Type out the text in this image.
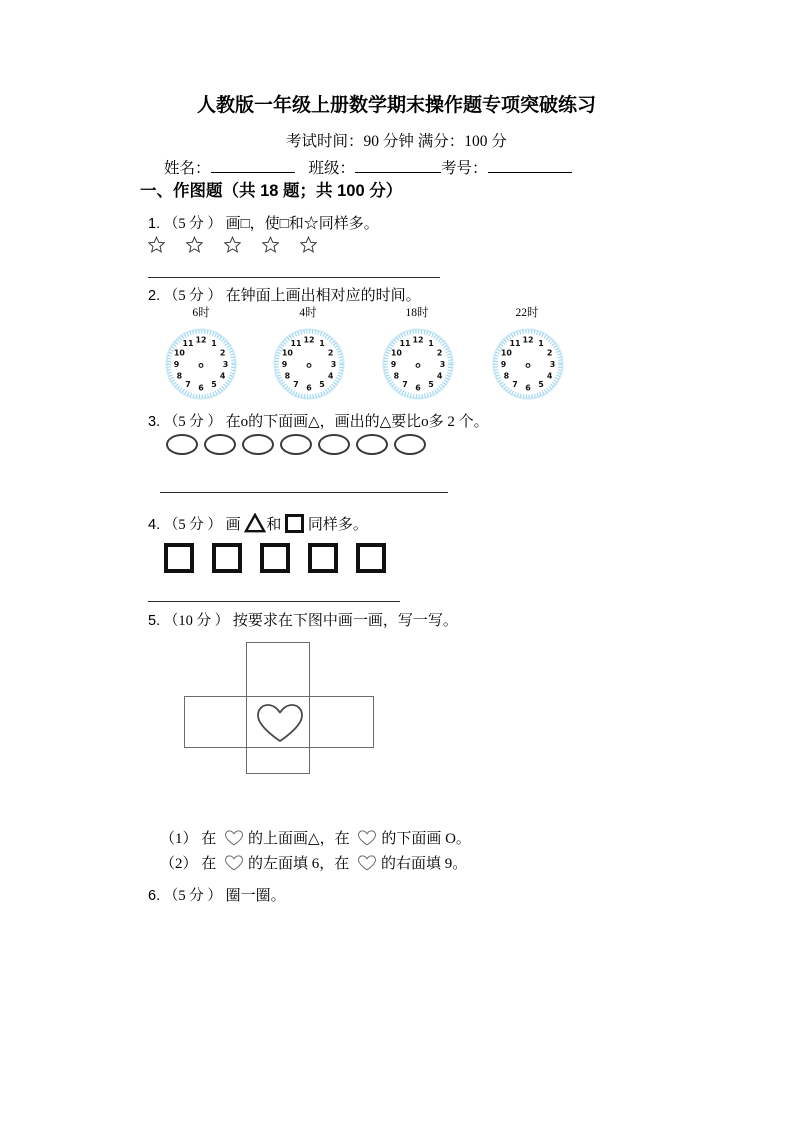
人教版一年级上册数学期末操作题专项突破练习
考试时间：90 分钟 满分：100 分
姓名：	班级：	考号：
一、作图题（共 18 题；共 100 分）
1. （5 分 ） 画□，使□和☆同样多。
2. （5 分 ） 在钟面上画出相对应的时间。
6时	4时	18时	22时
12 1
2
3
4
5
6
7
8
9
10
11	12 1
2
3
4
5
6
7
8
9
10
11	12 1
2
3
4
5
6
7
8
9
10
11	12 1
2
3
4
5
6
7
8
9
10
11
3. （5 分 ） 在o的下面画△，画出的△要比o多 2 个。
4. （5 分 ） 画 和 同样多。
5. （10 分 ） 按要求在下图中画一画，写一写。
（1） 在 的上面画△，在 的下面画 O。
（2） 在 的左面填 6，在 的右面填 9。
6. （5 分 ） 圈一圈。
